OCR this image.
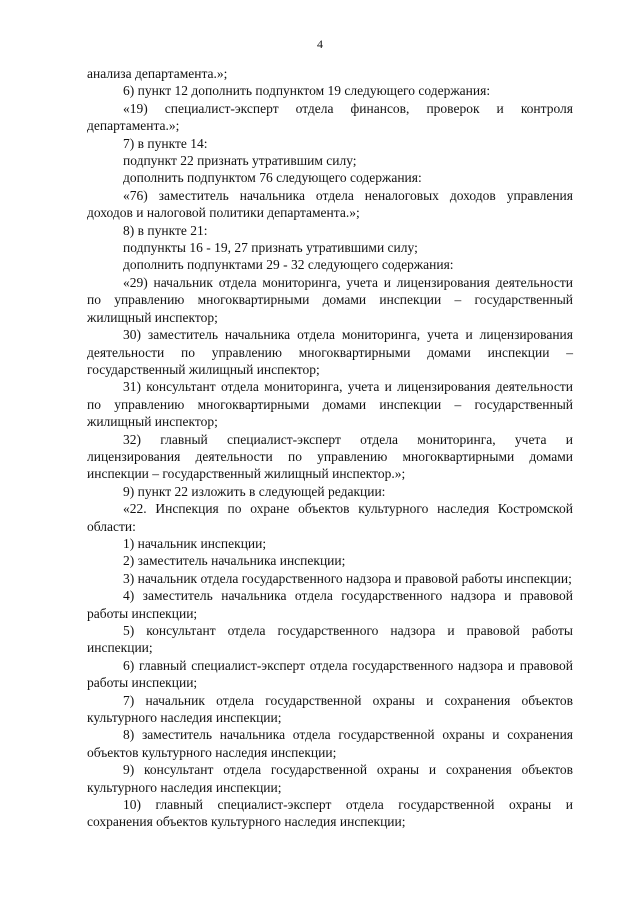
4

анализа департамента.»;

6) пункт 12 дополнить подпунктом 19 следующего содержания:

«19) специалист-эксперт отдела финансов, проверок и контроля департамента.»;

7) в пункте 14:

подпункт 22 признать утратившим силу;

дополнить подпунктом 76 следующего содержания:

«76) заместитель начальника отдела неналоговых доходов управления доходов и налоговой политики департамента.»;

8) в пункте 21:

подпункты 16 - 19, 27 признать утратившими силу;

дополнить подпунктами 29 - 32 следующего содержания:

«29) начальник отдела мониторинга, учета и лицензирования деятельности по управлению многоквартирными домами инспекции – государственный жилищный инспектор;

30) заместитель начальника отдела мониторинга, учета и лицензирования деятельности по управлению многоквартирными домами инспекции – государственный жилищный инспектор;

31) консультант отдела мониторинга, учета и лицензирования деятельности по управлению многоквартирными домами инспекции – государственный жилищный инспектор;

32) главный специалист-эксперт отдела мониторинга, учета и лицензирования деятельности по управлению многоквартирными домами инспекции – государственный жилищный инспектор.»;

9) пункт 22 изложить в следующей редакции:

«22. Инспекция по охране объектов культурного наследия Костромской области:

1) начальник инспекции;

2) заместитель начальника инспекции;

3) начальник отдела государственного надзора и правовой работы инспекции;

4) заместитель начальника отдела государственного надзора и правовой работы инспекции;

5) консультант отдела государственного надзора и правовой работы инспекции;

6) главный специалист-эксперт отдела государственного надзора и правовой работы инспекции;

7) начальник отдела государственной охраны и сохранения объектов культурного наследия инспекции;

8) заместитель начальника отдела государственной охраны и сохранения объектов культурного наследия инспекции;

9) консультант отдела государственной охраны и сохранения объектов культурного наследия инспекции;

10) главный специалист-эксперт отдела государственной охраны и сохранения объектов культурного наследия инспекции;
